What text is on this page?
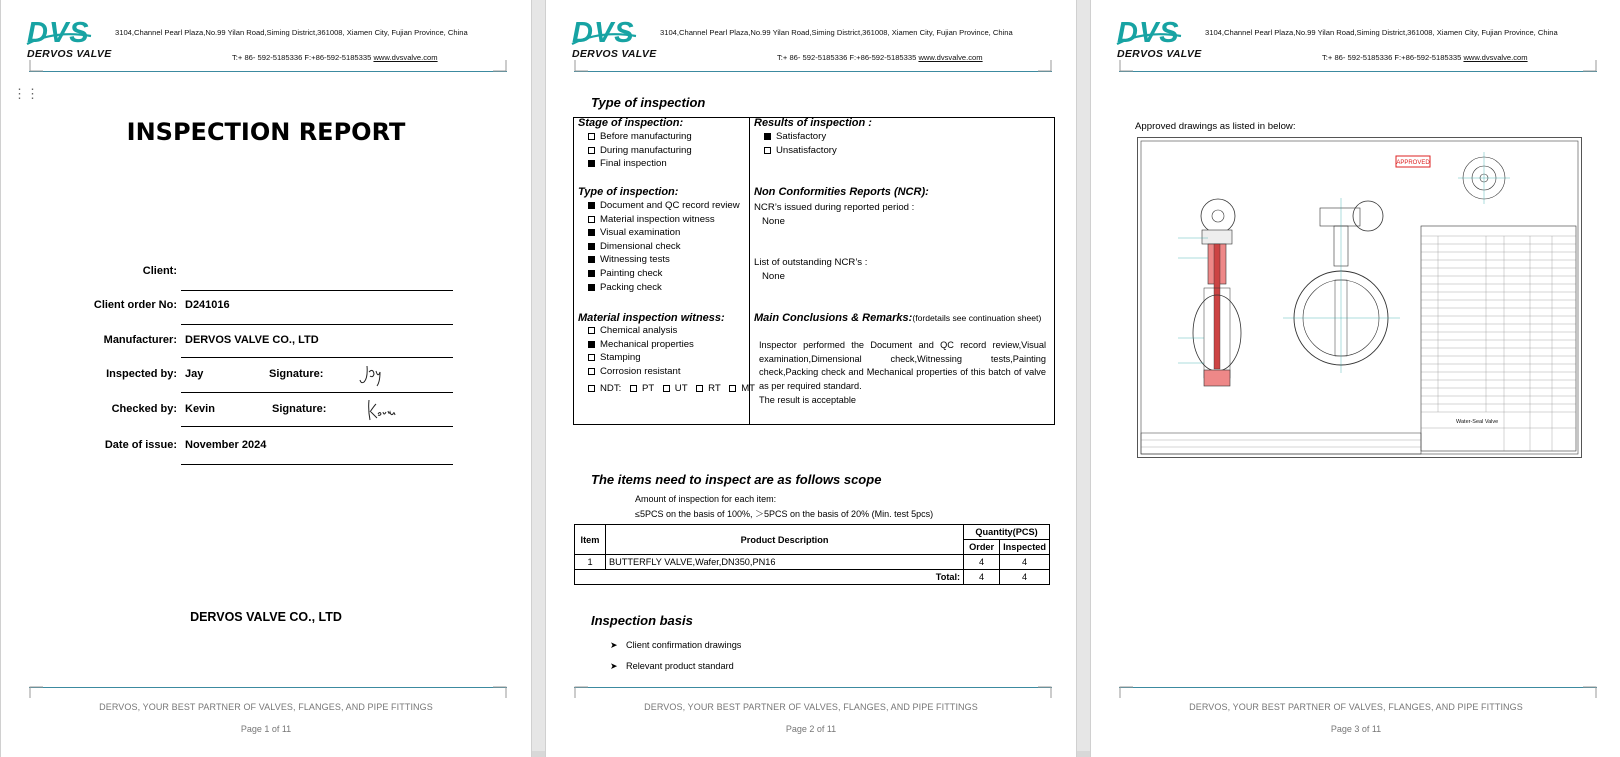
DVS
DERVOS VALVE
3104,Channel Pearl Plaza,No.99 Yilan Road,Siming District,361008, Xiamen City, Fujian Province, China
T:+ 86- 592-5185336 F:+86-592-5185335 www.dvsvalve.com
⋮⋮
INSPECTION REPORT
Client:
Client order No: D241016
Manufacturer: DERVOS VALVE CO., LTD
Inspected by: Jay	Signature:
Checked by: Kevin	Signature:
Date of issue: November 2024
DERVOS VALVE CO., LTD
DERVOS, YOUR BEST PARTNER OF VALVES, FLANGES, AND PIPE FITTINGS
Page 1 of 11
DVS
DERVOS VALVE
3104,Channel Pearl Plaza,No.99 Yilan Road,Siming District,361008, Xiamen City, Fujian Province, China
T:+ 86- 592-5185336 F:+86-592-5185335 www.dvsvalve.com
Type of inspection
Stage of inspection:
Before manufacturing
During manufacturing
Final inspection
Type of inspection:
Document and QC record review
Material inspection witness
Visual examination
Dimensional check
Witnessing tests
Painting check
Packing check
Material inspection witness:
Chemical analysis
Mechanical properties
Stamping
Corrosion resistant
NDT: PT UT RT MT
Results of inspection :
Satisfactory
Unsatisfactory
Non Conformities Reports (NCR):
NCR’s issued during reported period :
None
List of outstanding NCR’s :
None
Main Conclusions & Remarks:(fordetails see continuation sheet)
Inspector performed the Document and QC record review,Visual examination,Dimensional check,Witnessing tests,Painting check,Packing check and Mechanical properties of this batch of valve as per required standard.
The result is acceptable
The items need to inspect are as follows scope
Amount of inspection for each item:
≤5PCS on the basis of 100%, ＞5PCS on the basis of 20% (Min. test 5pcs)
Item	Product Description	Quantity(PCS)	
		Order	Inspected
1	BUTTERFLY VALVE,Wafer,DN350,PN16	4	4
Total:		4	4
Inspection basis
➤ Client confirmation drawings
➤ Relevant product standard
DERVOS, YOUR BEST PARTNER OF VALVES, FLANGES, AND PIPE FITTINGS
Page 2 of 11
DVS
DERVOS VALVE
3104,Channel Pearl Plaza,No.99 Yilan Road,Siming District,361008, Xiamen City, Fujian Province, China
T:+ 86- 592-5185336 F:+86-592-5185335 www.dvsvalve.com
Approved drawings as listed in below:
APPROVED
Water-Seal Valve
DERVOS, YOUR BEST PARTNER OF VALVES, FLANGES, AND PIPE FITTINGS
Page 3 of 11
